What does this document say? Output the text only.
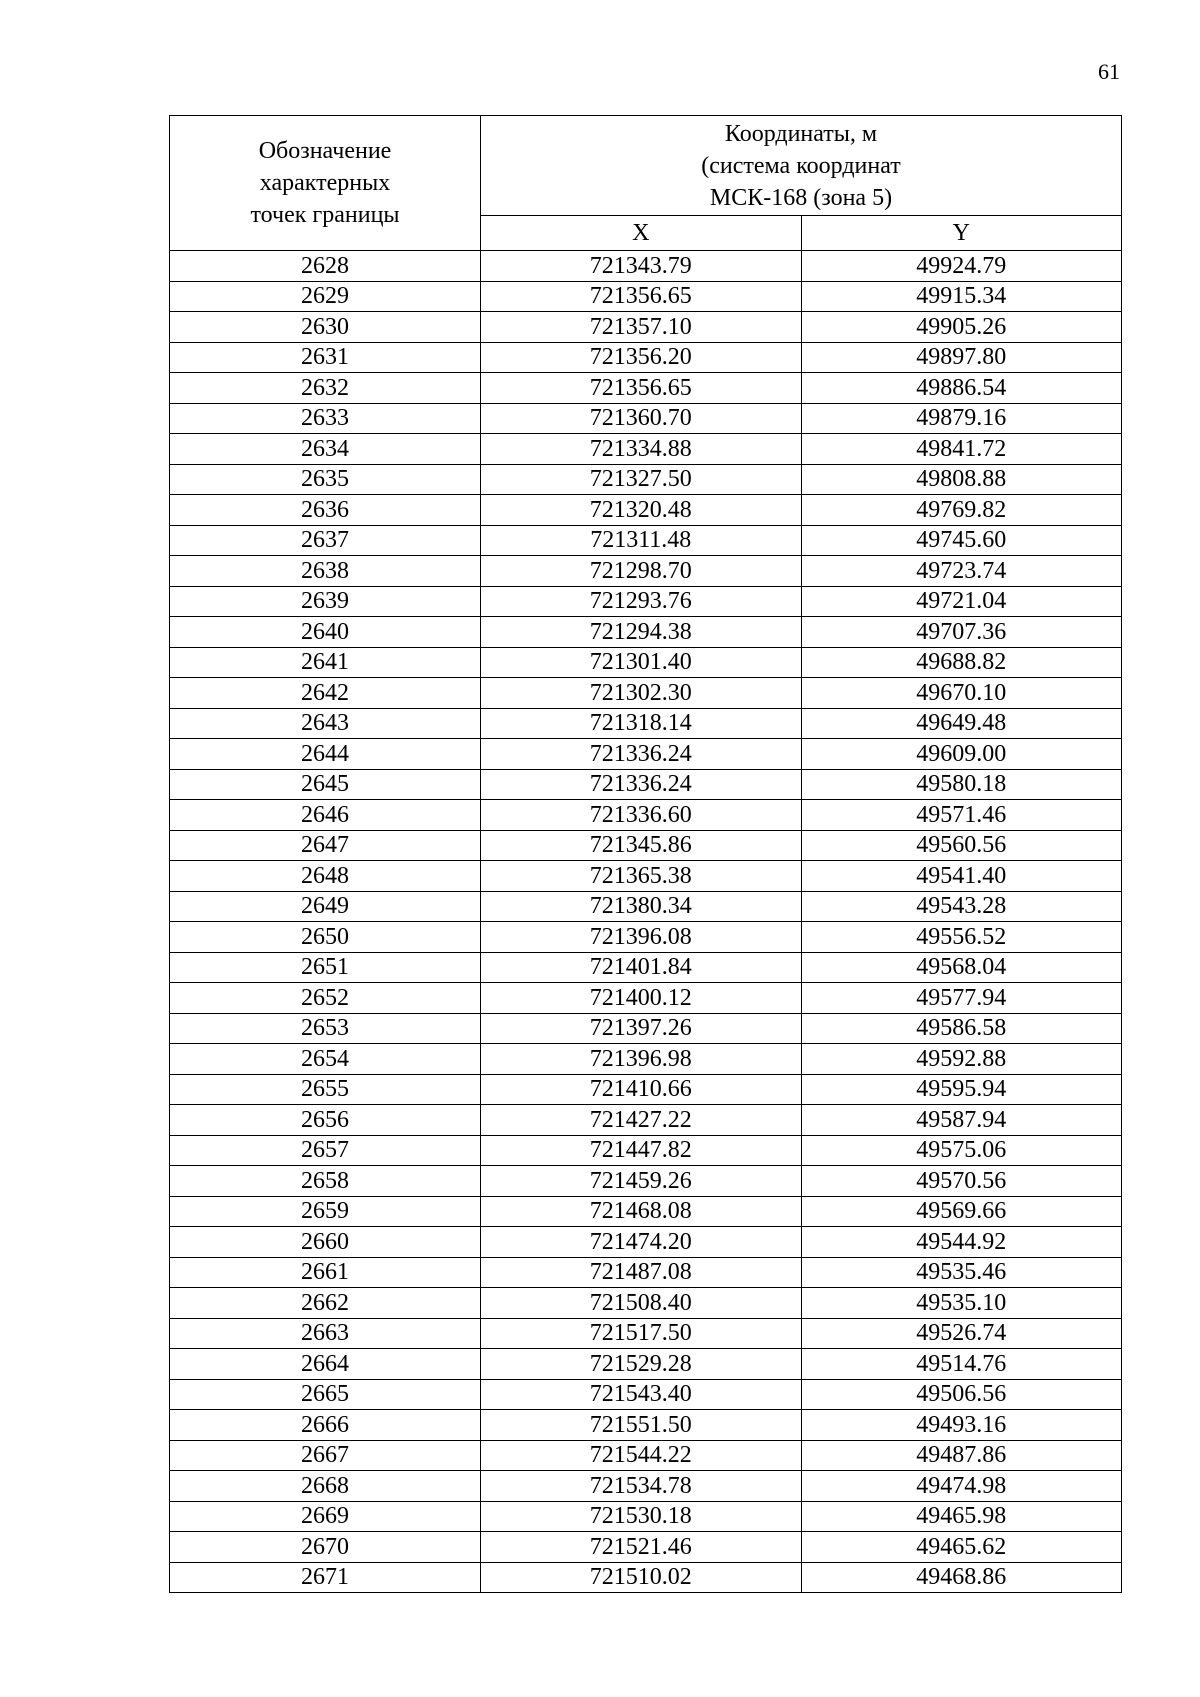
61
Обозначение
характерных
точек границы	Координаты, м
(система координат
МСК-168 (зона 5)	
	X	Y
2628	721343.79	49924.79
2629	721356.65	49915.34
2630	721357.10	49905.26
2631	721356.20	49897.80
2632	721356.65	49886.54
2633	721360.70	49879.16
2634	721334.88	49841.72
2635	721327.50	49808.88
2636	721320.48	49769.82
2637	721311.48	49745.60
2638	721298.70	49723.74
2639	721293.76	49721.04
2640	721294.38	49707.36
2641	721301.40	49688.82
2642	721302.30	49670.10
2643	721318.14	49649.48
2644	721336.24	49609.00
2645	721336.24	49580.18
2646	721336.60	49571.46
2647	721345.86	49560.56
2648	721365.38	49541.40
2649	721380.34	49543.28
2650	721396.08	49556.52
2651	721401.84	49568.04
2652	721400.12	49577.94
2653	721397.26	49586.58
2654	721396.98	49592.88
2655	721410.66	49595.94
2656	721427.22	49587.94
2657	721447.82	49575.06
2658	721459.26	49570.56
2659	721468.08	49569.66
2660	721474.20	49544.92
2661	721487.08	49535.46
2662	721508.40	49535.10
2663	721517.50	49526.74
2664	721529.28	49514.76
2665	721543.40	49506.56
2666	721551.50	49493.16
2667	721544.22	49487.86
2668	721534.78	49474.98
2669	721530.18	49465.98
2670	721521.46	49465.62
2671	721510.02	49468.86
